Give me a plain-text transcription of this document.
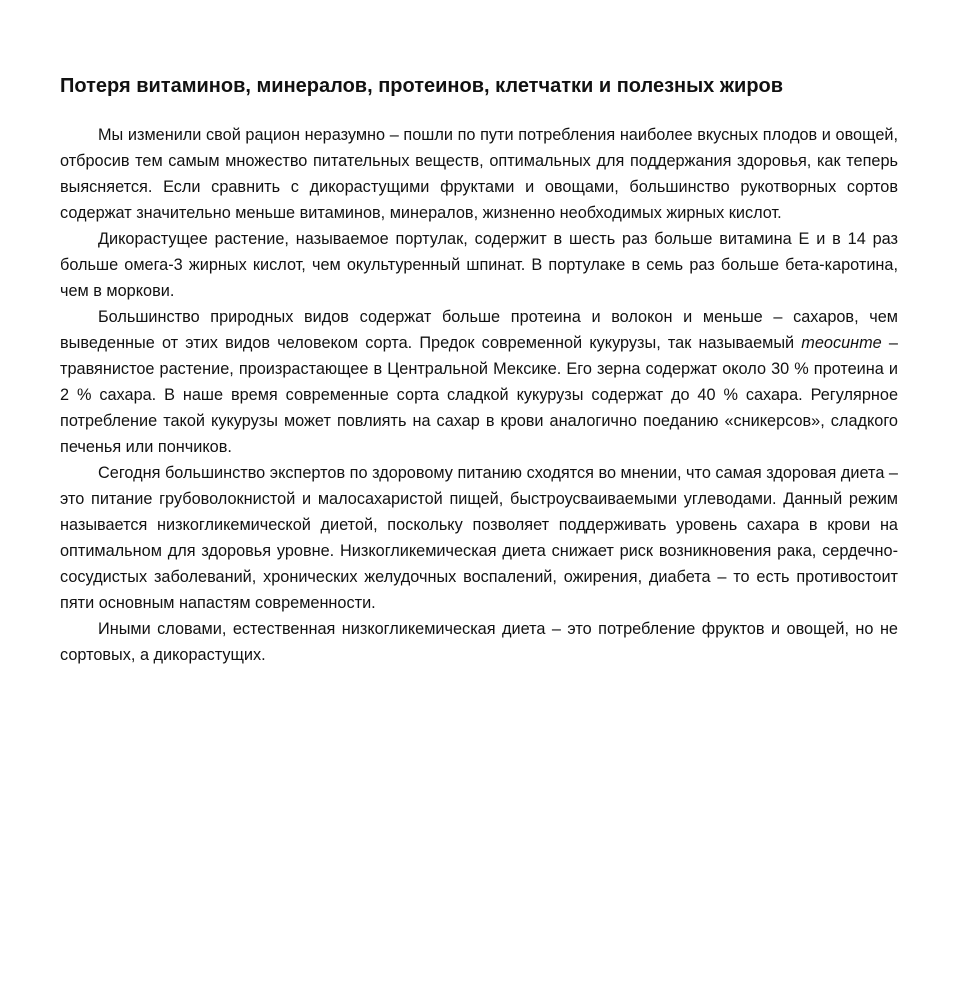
Потеря витаминов, минералов, протеинов, клетчатки и полезных жиров

Мы изменили свой рацион неразумно – пошли по пути потребления наиболее вкусных плодов и овощей, отбросив тем самым множество питательных веществ, оптимальных для поддержания здоровья, как теперь выясняется. Если сравнить с дикорастущими фруктами и овощами, большинство рукотворных сортов содержат значительно меньше витаминов, минералов, жизненно необходимых жирных кислот.

Дикорастущее растение, называемое портулак, содержит в шесть раз больше витамина Е и в 14 раз больше омега-3 жирных кислот, чем окультуренный шпинат. В портулаке в семь раз больше бета-каротина, чем в моркови.

Большинство природных видов содержат больше протеина и волокон и меньше – сахаров, чем выведенные от этих видов человеком сорта. Предок современной кукурузы, так называемый теосинте – травянистое растение, произрастающее в Центральной Мексике. Его зерна содержат около 30 % протеина и 2 % сахара. В наше время современные сорта сладкой кукурузы содержат до 40 % сахара. Регулярное потребление такой кукурузы может повлиять на сахар в крови аналогично поеданию «сникерсов», сладкого печенья или пончиков.

Сегодня большинство экспертов по здоровому питанию сходятся во мнении, что самая здоровая диета – это питание грубоволокнистой и малосахаристой пищей, быстроусваиваемыми углеводами. Данный режим называется низкогликемической диетой, поскольку позволяет поддерживать уровень сахара в крови на оптимальном для здоровья уровне. Низкогликемическая диета снижает риск возникновения рака, сердечно-сосудистых заболеваний, хронических желудочных воспалений, ожирения, диабета – то есть противостоит пяти основным напастям современности.

Иными словами, естественная низкогликемическая диета – это потребление фруктов и овощей, но не сортовых, а дикорастущих.
